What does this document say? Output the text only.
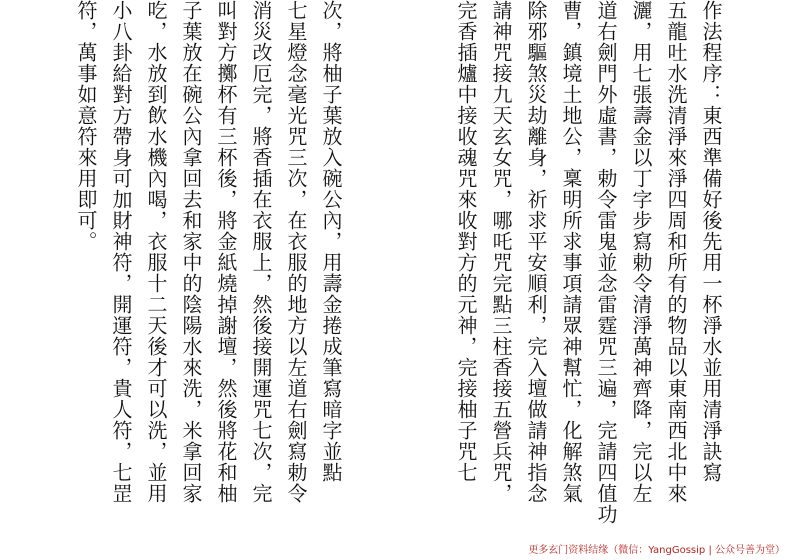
作法程序：東西準備好後先用一杯淨水並用清淨訣寫
五龍吐水洗清淨來淨四周和所有的物品以東南西北中來
灑，用七張壽金以丁字步寫勅令清淨萬神齊降，完以左
道右劍門外虛書，勅令雷鬼並念雷霆咒三遍，完請四值功
曹，鎮境土地公，稟明所求事項請眾神幫忙，化解煞氣
除邪驅煞災劫離身，祈求平安順利，完入壇做請神指念
請神咒接九天玄女咒，哪吒咒完點三柱香接五營兵咒，
完香插爐中接收魂咒來收對方的元神，完接柚子咒七
次，將柚子葉放入碗公內，用壽金捲成筆寫暗字並點
七星燈念毫光咒三次，在衣服的地方以左道右劍寫勅令
消災改厄完，將香插在衣服上，然後接開運咒七次，完
叫對方擲杯有三杯後，將金紙燒掉謝壇，然後將花和柚
子葉放在碗公內拿回去和家中的陰陽水來洗，米拿回家
吃，水放到飲水機內喝，衣服十二天後才可以洗，並用
小八卦給對方帶身可加財神符，開運符，貴人符，七罡
符，萬事如意符來用即可。
更多玄门资料结缘（微信：YangGossip | 公众号善为堂）
